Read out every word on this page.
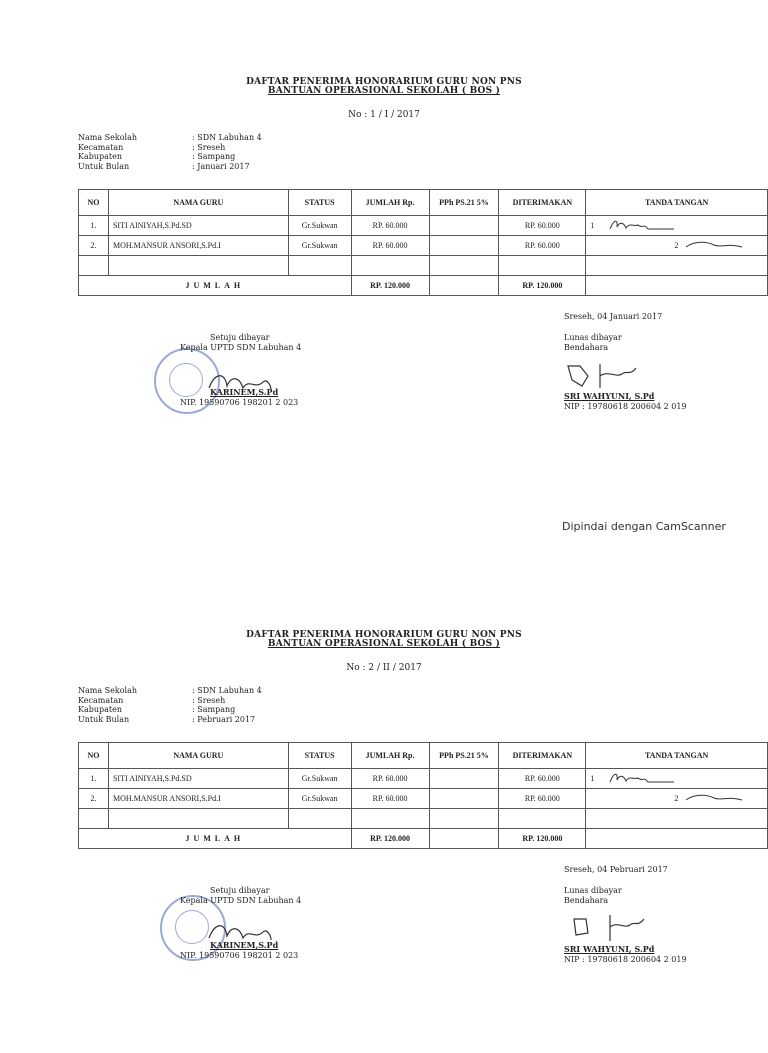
DAFTAR PENERIMA HONORARIUM GURU NON PNS
BANTUAN OPERASIONAL SEKOLAH ( BOS )
No : 1 / I / 2017
Nama Sekolah	: SDN Labuhan 4
Kecamatan	: Sreseh
Kabupaten	: Sampang
Untuk Bulan	: Januari 2017
NO	NAMA GURU	STATUS	JUMLAH Rp.	PPh PS.21 5%	DITERIMAKAN	TANDA TANGAN
1.	SITI AINIYAH,S.Pd.SD	Gr.Sukwan	RP. 60.000		RP. 60.000	1

2.	MOH.MANSUR ANSORI,S.Pd.I	Gr.Sukwan	RP. 60.000		RP. 60.000	2

JUMLAH			RP. 120.000		RP. 120.000	
Sreseh, 04 Januari 2017
Setuju dibayar
Kepala UPTD SDN Labuhan 4
KARINEM,S.Pd
NIP. 19590706 198201 2 023
Lunas dibayar
Bendahara
SRI WAHYUNI, S.Pd
NIP : 19780618 200604 2 019
Dipindai dengan CamScanner
DAFTAR PENERIMA HONORARIUM GURU NON PNS
BANTUAN OPERASIONAL SEKOLAH ( BOS )
No : 2 / II / 2017
Nama Sekolah	: SDN Labuhan 4
Kecamatan	: Sreseh
Kabupaten	: Sampang
Untuk Bulan	: Pebruari 2017
NO	NAMA GURU	STATUS	JUMLAH Rp.	PPh PS.21 5%	DITERIMAKAN	TANDA TANGAN
1.	SITI AINIYAH,S.Pd.SD	Gr.Sukwan	RP. 60.000		RP. 60.000	1

2.	MOH.MANSUR ANSORI,S.Pd.I	Gr.Sukwan	RP. 60.000		RP. 60.000	2

JUMLAH			RP. 120.000		RP. 120.000	
Sreseh, 04 Pebruari 2017
Setuju dibayar
Kepala UPTD SDN Labuhan 4
KARINEM,S.Pd
NIP. 19590706 198201 2 023
Lunas dibayar
Bendahara
SRI WAHYUNI, S.Pd
NIP : 19780618 200604 2 019
